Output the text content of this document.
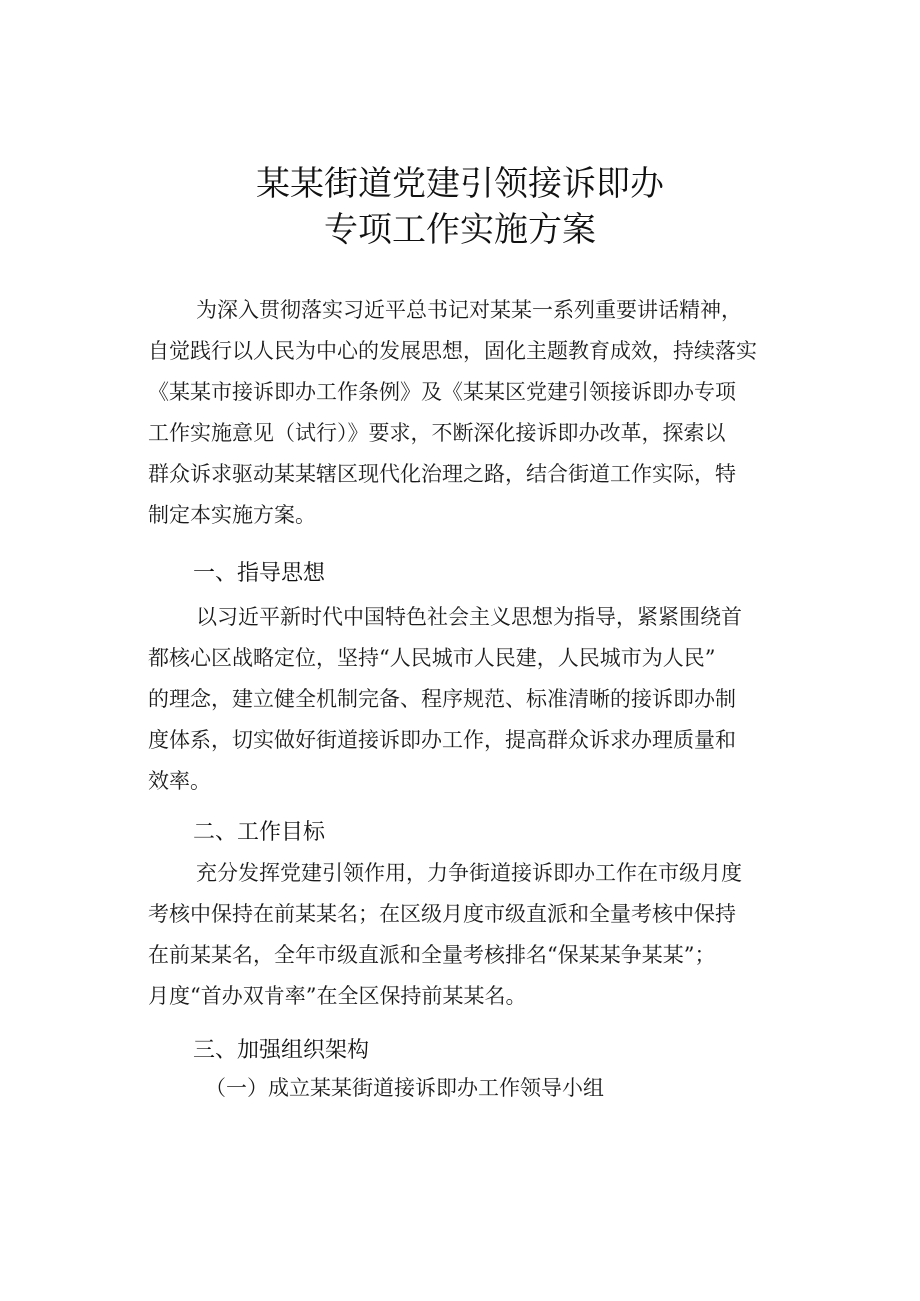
某某街道党建引领接诉即办
专项工作实施方案
为深入贯彻落实习近平总书记对某某一系列重要讲话精神，
自觉践行以人民为中心的发展思想，固化主题教育成效，持续落实
《某某市接诉即办工作条例》及《某某区党建引领接诉即办专项
工作实施意见（试行）》要求，不断深化接诉即办改革，探索以
群众诉求驱动某某辖区现代化治理之路，结合街道工作实际，特
制定本实施方案。
一、指导思想
以习近平新时代中国特色社会主义思想为指导，紧紧围绕首
都核心区战略定位，坚持“人民城市人民建，人民城市为人民”
的理念，建立健全机制完备、程序规范、标准清晰的接诉即办制
度体系，切实做好街道接诉即办工作，提高群众诉求办理质量和
效率。
二、工作目标
充分发挥党建引领作用，力争街道接诉即办工作在市级月度
考核中保持在前某某名；在区级月度市级直派和全量考核中保持
在前某某名，全年市级直派和全量考核排名“保某某争某某”；
月度“首办双肯率”在全区保持前某某名。
三、加强组织架构
（一）成立某某街道接诉即办工作领导小组
